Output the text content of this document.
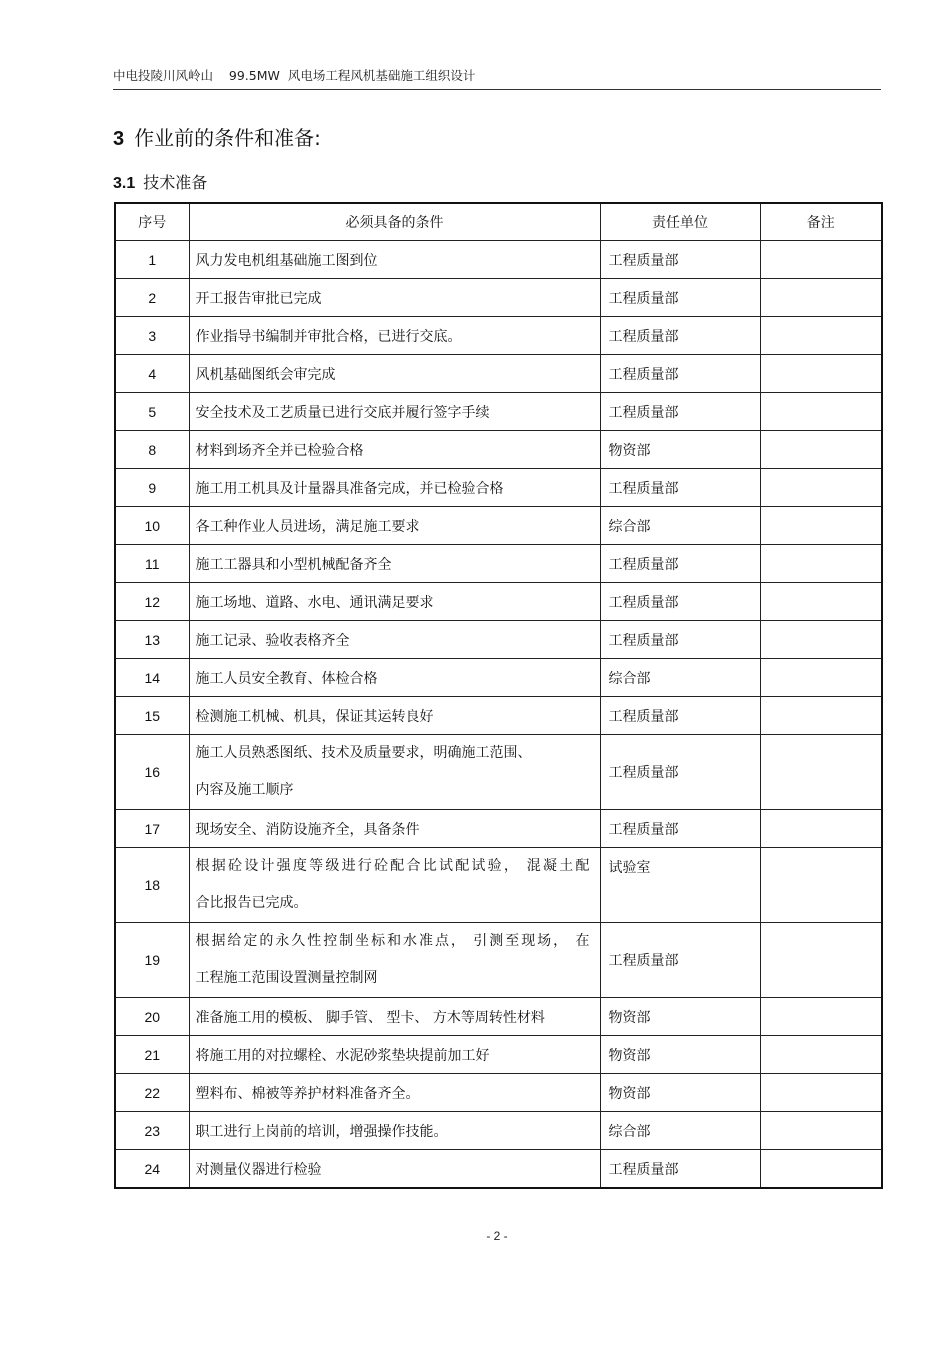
中电投陵川风岭山    99.5MW  风电场工程风机基础施工组织设计
3 作业前的条件和准备:
3.1 技术准备
序号	必须具备的条件	责任单位	备注
1	风力发电机组基础施工图到位	工程质量部	
2	开工报告审批已完成	工程质量部	
3	作业指导书编制并审批合格，已进行交底。	工程质量部	
4	风机基础图纸会审完成	工程质量部	
5	安全技术及工艺质量已进行交底并履行签字手续	工程质量部	
8	材料到场齐全并已检验合格	物资部	
9	施工用工机具及计量器具准备完成，并已检验合格	工程质量部	
10	各工种作业人员进场，满足施工要求	综合部	
11	施工工器具和小型机械配备齐全	工程质量部	
12	施工场地、道路、水电、通讯满足要求	工程质量部	
13	施工记录、验收表格齐全	工程质量部	
14	施工人员安全教育、体检合格	综合部	
15	检测施工机械、机具，保证其运转良好	工程质量部	
16	施工人员熟悉图纸、技术及质量要求，明确施工范围、
内容及施工顺序	工程质量部	
17	现场安全、消防设施齐全，具备条件	工程质量部	
18	根据砼设计强度等级进行砼配合比试配试验， 混凝土配
合比报告已完成。	试验室	
19	根据给定的永久性控制坐标和水准点， 引测至现场， 在
工程施工范围设置测量控制网	工程质量部	
20	准备施工用的模板、 脚手管、 型卡、 方木等周转性材料	物资部	
21	将施工用的对拉螺栓、水泥砂浆垫块提前加工好	物资部	
22	塑料布、棉被等养护材料准备齐全。	物资部	
23	职工进行上岗前的培训，增强操作技能。	综合部	
24	对测量仪器进行检验	工程质量部	
- 2 -
